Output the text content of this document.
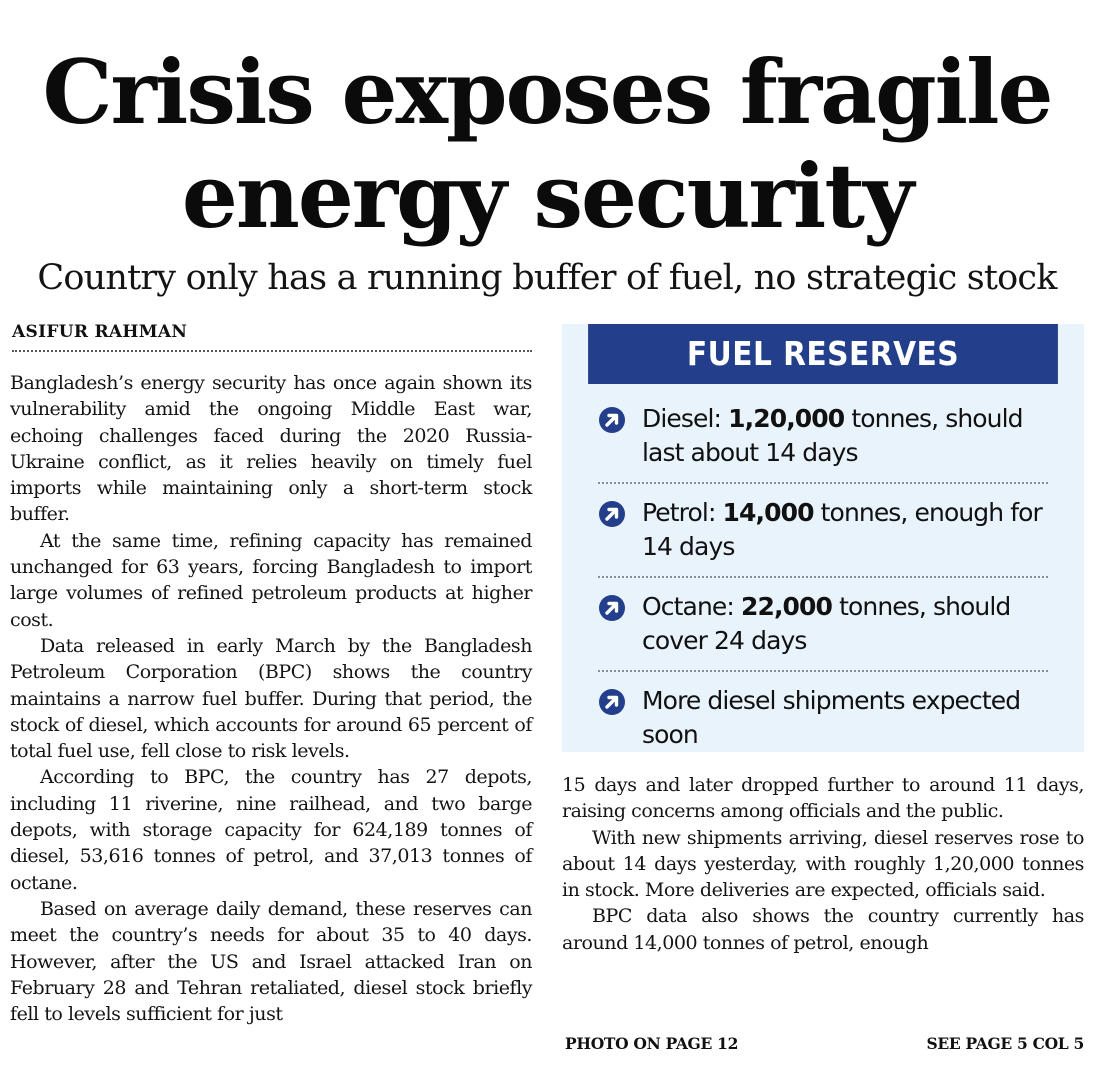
Crisis exposes fragile
energy security
Country only has a running buffer of fuel, no strategic stock
ASIFUR RAHMAN

Bangladesh’s energy security has once again shown its vulnerability amid the ongoing Middle East war, echoing challenges faced during the 2020 Russia-Ukraine conflict, as it relies heavily on timely fuel imports while maintaining only a short-term stock buffer.

At the same time, refining capacity has remained unchanged for 63 years, forcing Bangladesh to import large volumes of refined petroleum products at higher cost.

Data released in early March by the Bangladesh Petroleum Corporation (BPC) shows the country maintains a narrow fuel buffer. During that period, the stock of diesel, which accounts for around 65 percent of total fuel use, fell close to risk levels.

According to BPC, the country has 27 depots, including 11 riverine, nine railhead, and two barge depots, with storage capacity for 624,189 tonnes of diesel, 53,616 tonnes of petrol, and 37,013 tonnes of octane.

Based on average daily demand, these reserves can meet the country’s needs for about 35 to 40 days. However, after the US and Israel attacked Iran on February 28 and Tehran retaliated, diesel stock briefly fell to levels sufficient for just

FUEL RESERVES
Diesel: 1,20,000 tonnes, should last about 14 days
Petrol: 14,000 tonnes, enough for 14 days
Octane: 22,000 tonnes, should cover 24 days
More diesel shipments expected soon

15 days and later dropped further to around 11 days, raising concerns among officials and the public.

With new shipments arriving, diesel reserves rose to about 14 days yesterday, with roughly 1,20,000 tonnes in stock. More deliveries are expected, officials said.

BPC data also shows the country currently has around 14,000 tonnes of petrol, enough

PHOTO ON PAGE 12	SEE PAGE 5 COL 5
